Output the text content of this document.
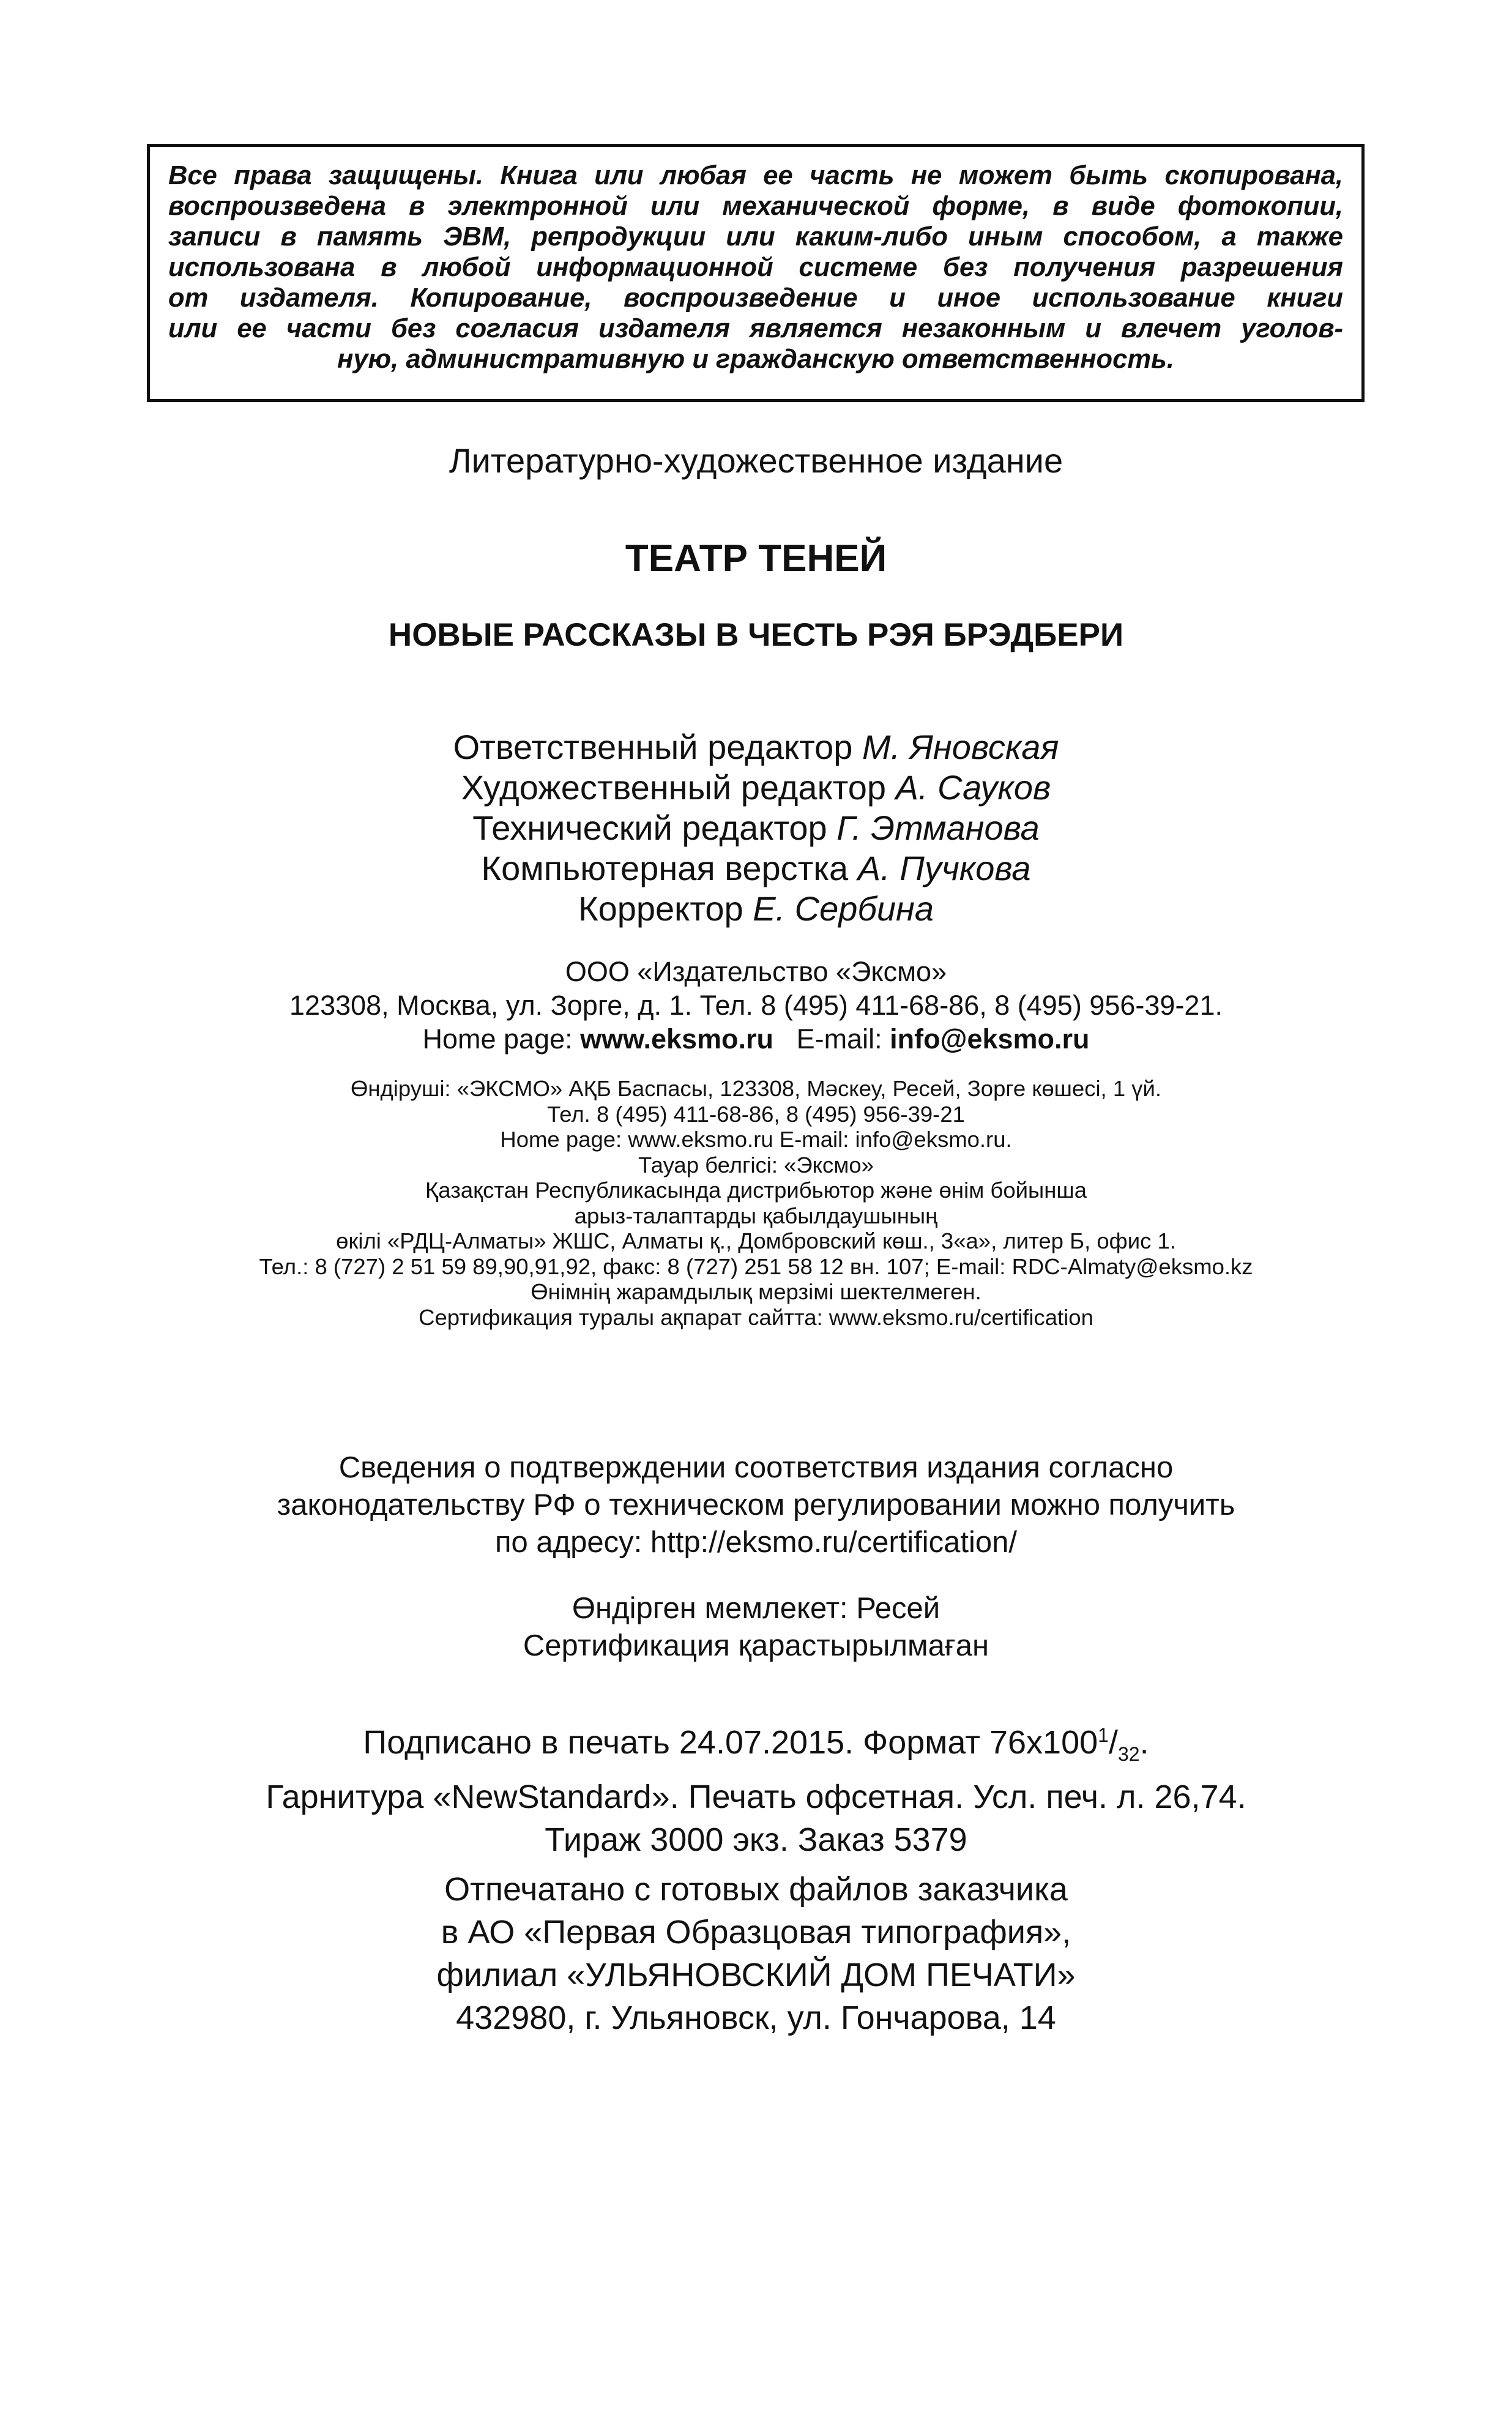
Все права защищены. Книга или любая ее часть не может быть скопирована,
воспроизведена в электронной или механической форме, в виде фотокопии,
записи в память ЭВМ, репродукции или каким-либо иным способом, а также
использована в любой информационной системе без получения разрешения
от издателя. Копирование, воспроизведение и иное использование книги
или ее части без согласия издателя является незаконным и влечет уголов-
ную, административную и гражданскую ответственность.
Литературно-художественное издание
ТЕАТР ТЕНЕЙ
НОВЫЕ РАССКАЗЫ В ЧЕСТЬ РЭЯ БРЭДБЕРИ
Ответственный редактор М. Яновская
Художественный редактор А. Сауков
Технический редактор Г. Этманова
Компьютерная верстка А. Пучкова
Корректор Е. Сербина
ООО «Издательство «Эксмо»
123308, Москва, ул. Зорге, д. 1. Тел. 8 (495) 411-68-86, 8 (495) 956-39-21.
Home page: www.eksmo.ru E-mail: info@eksmo.ru
Өндіруші: «ЭКСМО» АҚБ Баспасы, 123308, Мәскеу, Ресей, Зорге көшесі, 1 үй.
Тел. 8 (495) 411-68-86, 8 (495) 956-39-21
Home page: www.eksmo.ru E-mail: info@eksmo.ru.
Тауар белгісі: «Эксмо»
Қазақстан Республикасында дистрибьютор және өнім бойынша
арыз-талаптарды қабылдаушының
өкілі «РДЦ-Алматы» ЖШС, Алматы қ., Домбровский көш., 3«а», литер Б, офис 1.
Тел.: 8 (727) 2 51 59 89,90,91,92, факс: 8 (727) 251 58 12 вн. 107; E-mail: RDC-Almaty@eksmo.kz
Өнімнің жарамдылық мерзімі шектелмеген.
Сертификация туралы ақпарат сайтта: www.eksmo.ru/certification
Сведения о подтверждении соответствия издания согласно
законодательству РФ о техническом регулировании можно получить
по адресу: http://eksmo.ru/certification/
Өндірген мемлекет: Ресей
Сертификация қарастырылмаған
Подписано в печать 24.07.2015. Формат $76х100^1/_{32}$.
Гарнитура «NewStandard». Печать офсетная. Усл. печ. л. 26,74.
Тираж 3000 экз. Заказ 5379
Отпечатано с готовых файлов заказчика
в АО «Первая Образцовая типография»,
филиал «УЛЬЯНОВСКИЙ ДОМ ПЕЧАТИ»
432980, г. Ульяновск, ул. Гончарова, 14
